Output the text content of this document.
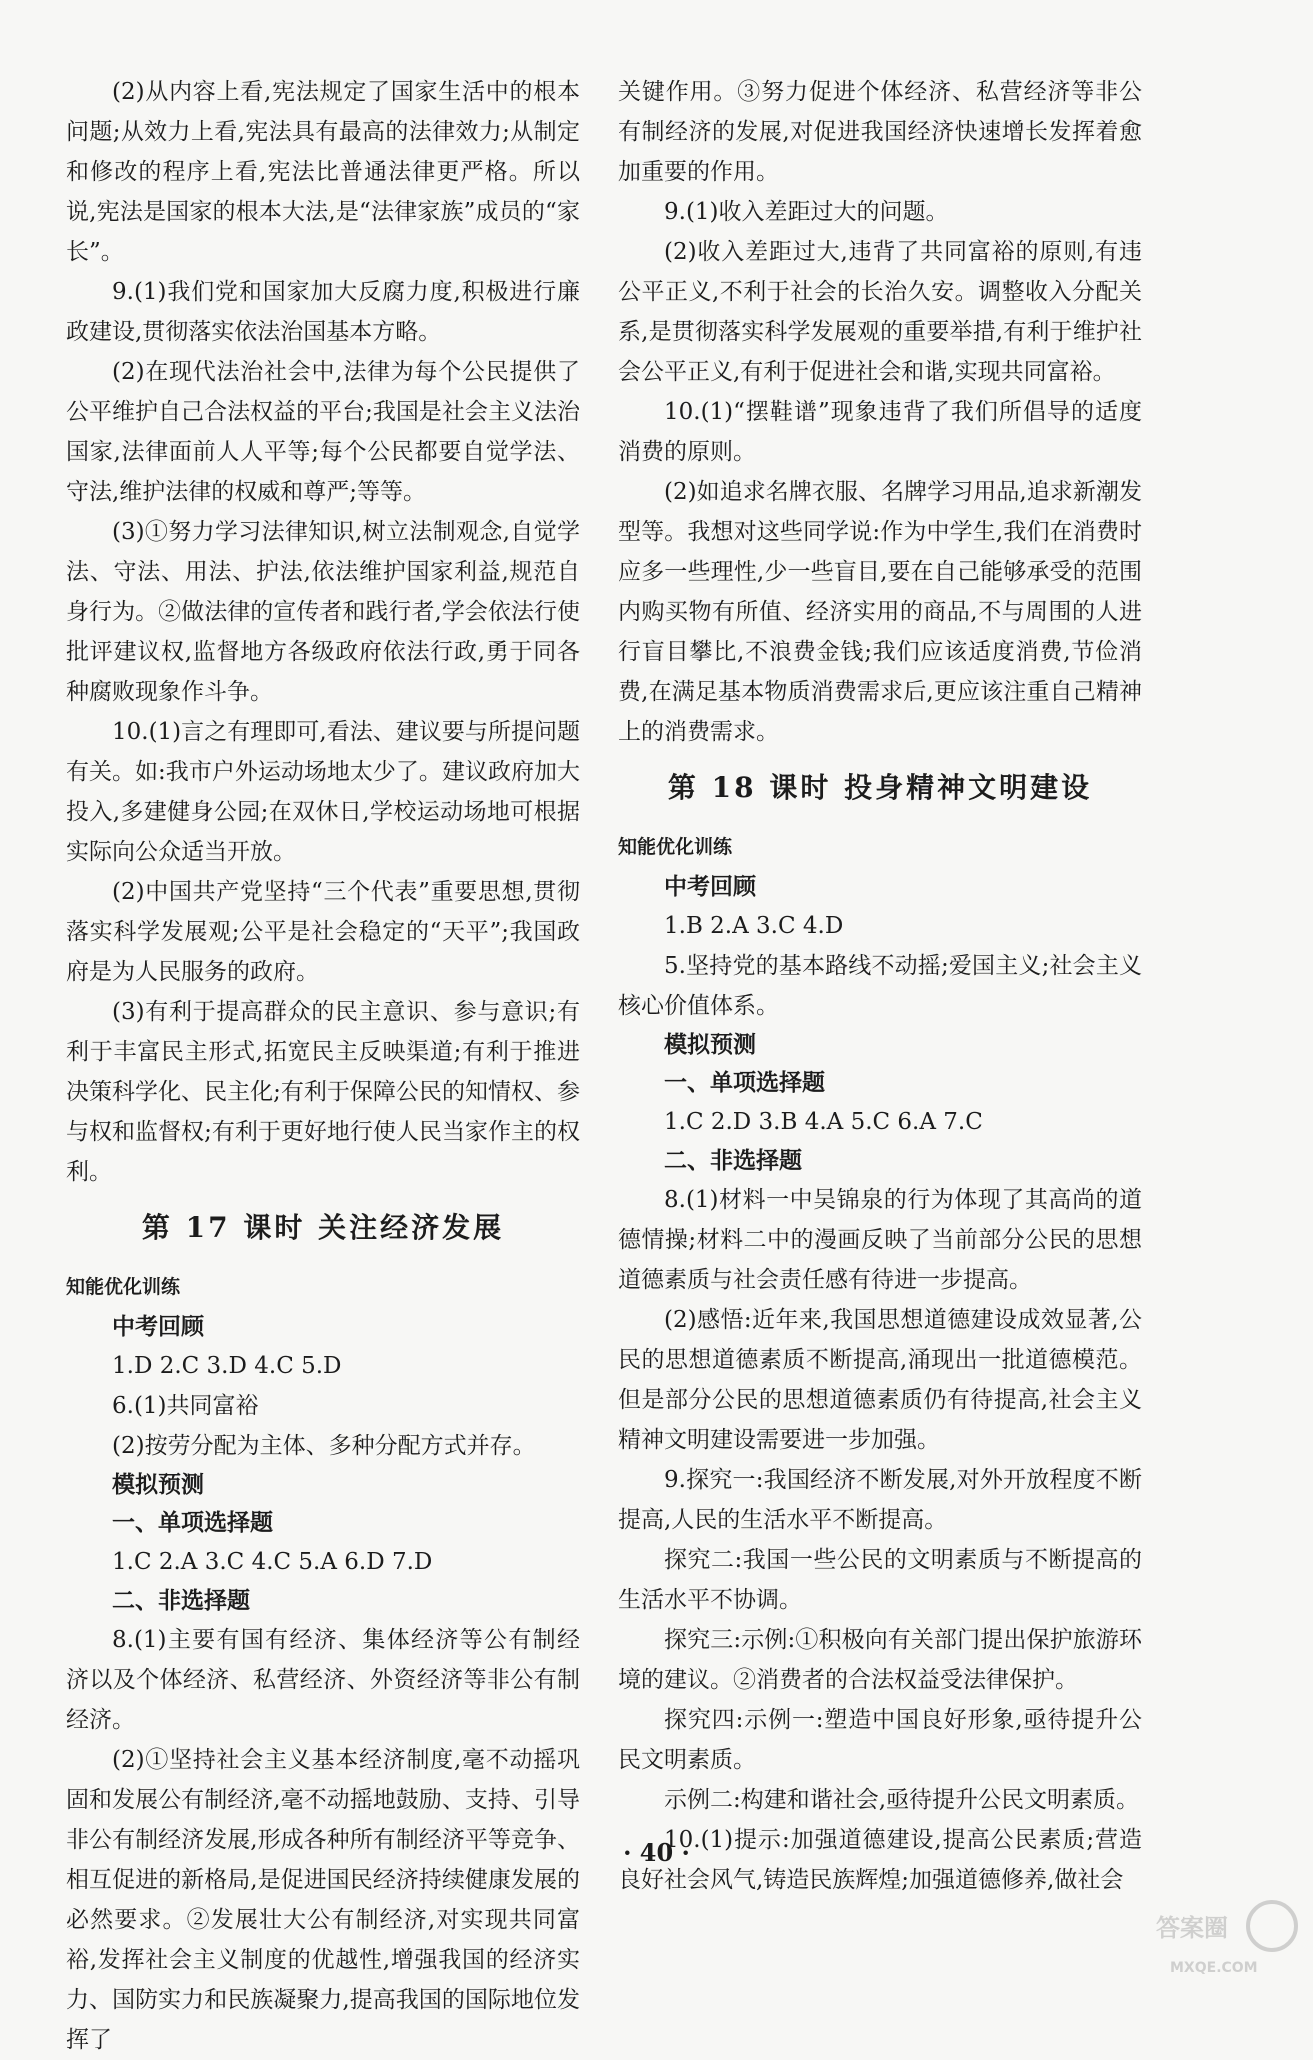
(2)从内容上看,宪法规定了国家生活中的根本问题;从效力上看,宪法具有最高的法律效力;从制定和修改的程序上看,宪法比普通法律更严格。所以说,宪法是国家的根本大法,是“法律家族”成员的“家长”。

9.(1)我们党和国家加大反腐力度,积极进行廉政建设,贯彻落实依法治国基本方略。

(2)在现代法治社会中,法律为每个公民提供了公平维护自己合法权益的平台;我国是社会主义法治国家,法律面前人人平等;每个公民都要自觉学法、守法,维护法律的权威和尊严;等等。

(3)①努力学习法律知识,树立法制观念,自觉学法、守法、用法、护法,依法维护国家利益,规范自身行为。②做法律的宣传者和践行者,学会依法行使批评建议权,监督地方各级政府依法行政,勇于同各种腐败现象作斗争。

10.(1)言之有理即可,看法、建议要与所提问题有关。如:我市户外运动场地太少了。建议政府加大投入,多建健身公园;在双休日,学校运动场地可根据实际向公众适当开放。

(2)中国共产党坚持“三个代表”重要思想,贯彻落实科学发展观;公平是社会稳定的“天平”;我国政府是为人民服务的政府。

(3)有利于提高群众的民主意识、参与意识;有利于丰富民主形式,拓宽民主反映渠道;有利于推进决策科学化、民主化;有利于保障公民的知情权、参与权和监督权;有利于更好地行使人民当家作主的权利。

第 17 课时 关注经济发展
知能优化训练
中考回顾

1.D 2.C 3.D 4.C 5.D

6.(1)共同富裕

(2)按劳分配为主体、多种分配方式并存。

模拟预测
一、单项选择题

1.C 2.A 3.C 4.C 5.A 6.D 7.D

二、非选择题

8.(1)主要有国有经济、集体经济等公有制经济以及个体经济、私营经济、外资经济等非公有制经济。

(2)①坚持社会主义基本经济制度,毫不动摇巩固和发展公有制经济,毫不动摇地鼓励、支持、引导非公有制经济发展,形成各种所有制经济平等竞争、相互促进的新格局,是促进国民经济持续健康发展的必然要求。②发展壮大公有制经济,对实现共同富裕,发挥社会主义制度的优越性,增强我国的经济实力、国防实力和民族凝聚力,提高我国的国际地位发挥了

关键作用。③努力促进个体经济、私营经济等非公有制经济的发展,对促进我国经济快速增长发挥着愈加重要的作用。

9.(1)收入差距过大的问题。

(2)收入差距过大,违背了共同富裕的原则,有违公平正义,不利于社会的长治久安。调整收入分配关系,是贯彻落实科学发展观的重要举措,有利于维护社会公平正义,有利于促进社会和谐,实现共同富裕。

10.(1)“摆鞋谱”现象违背了我们所倡导的适度消费的原则。

(2)如追求名牌衣服、名牌学习用品,追求新潮发型等。我想对这些同学说:作为中学生,我们在消费时应多一些理性,少一些盲目,要在自己能够承受的范围内购买物有所值、经济实用的商品,不与周围的人进行盲目攀比,不浪费金钱;我们应该适度消费,节俭消费,在满足基本物质消费需求后,更应该注重自己精神上的消费需求。

第 18 课时 投身精神文明建设
知能优化训练
中考回顾

1.B 2.A 3.C 4.D

5.坚持党的基本路线不动摇;爱国主义;社会主义核心价值体系。

模拟预测
一、单项选择题

1.C 2.D 3.B 4.A 5.C 6.A 7.C

二、非选择题

8.(1)材料一中吴锦泉的行为体现了其高尚的道德情操;材料二中的漫画反映了当前部分公民的思想道德素质与社会责任感有待进一步提高。

(2)感悟:近年来,我国思想道德建设成效显著,公民的思想道德素质不断提高,涌现出一批道德模范。但是部分公民的思想道德素质仍有待提高,社会主义精神文明建设需要进一步加强。

9.探究一:我国经济不断发展,对外开放程度不断提高,人民的生活水平不断提高。

探究二:我国一些公民的文明素质与不断提高的生活水平不协调。

探究三:示例:①积极向有关部门提出保护旅游环境的建议。②消费者的合法权益受法律保护。

探究四:示例一:塑造中国良好形象,亟待提升公民文明素质。

示例二:构建和谐社会,亟待提升公民文明素质。

10.(1)提示:加强道德建设,提高公民素质;营造良好社会风气,铸造民族辉煌;加强道德修养,做社会

· 40 ·
答案圈
MXQE.COM
